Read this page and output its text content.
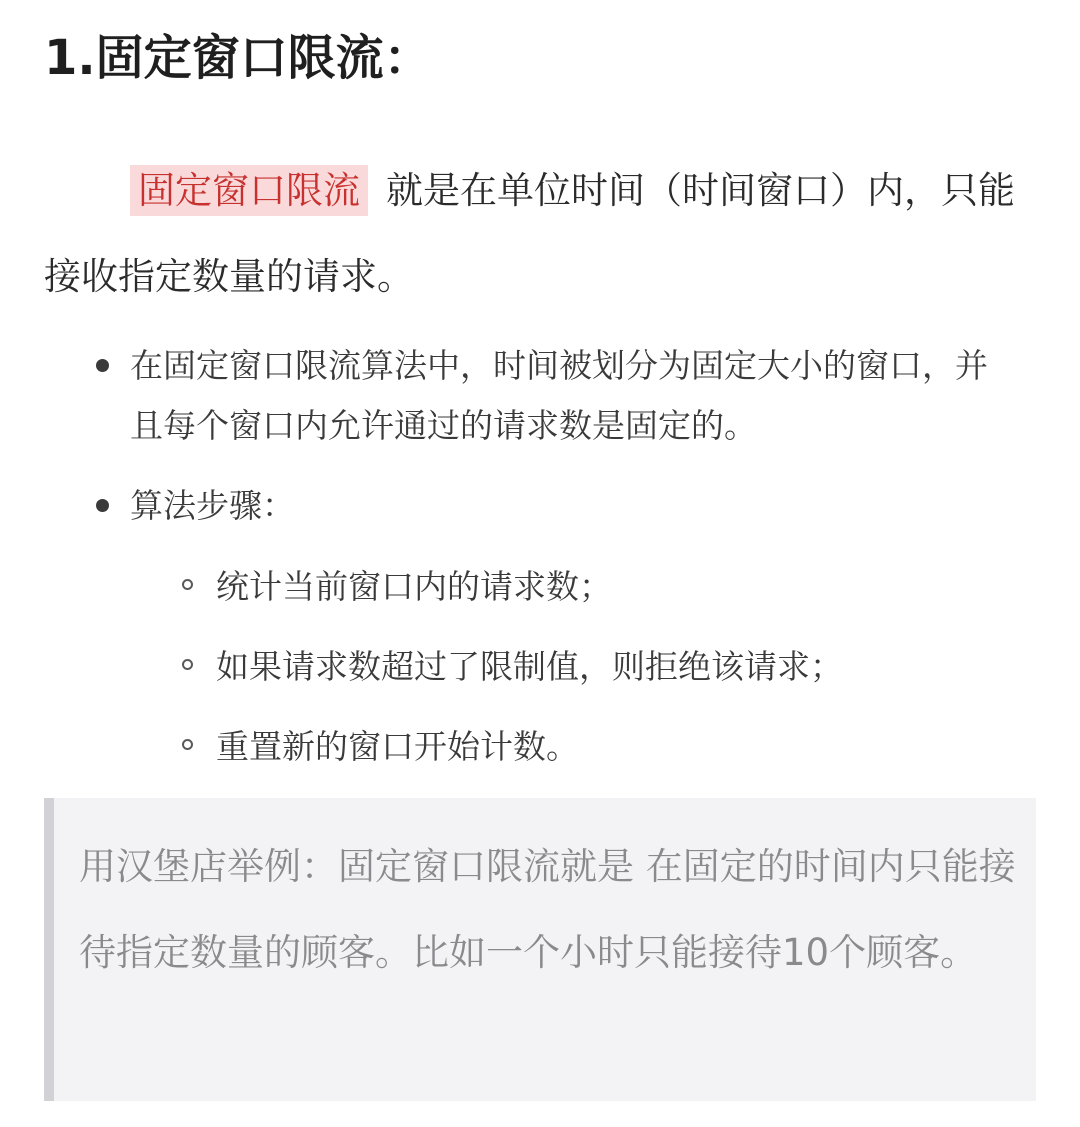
1.固定窗口限流：

固定窗口限流 就是在单位时间（时间窗口）内，只能接收指定数量的请求。

在固定窗口限流算法中，时间被划分为固定大小的窗口，并且每个窗口内允许通过的请求数是固定的。
算法步骤：
统计当前窗口内的请求数；
如果请求数超过了限制值，则拒绝该请求；
重置新的窗口开始计数。

用汉堡店举例：固定窗口限流就是 在固定的时间内只能接待指定数量的顾客。比如一个小时只能接待10个顾客。
